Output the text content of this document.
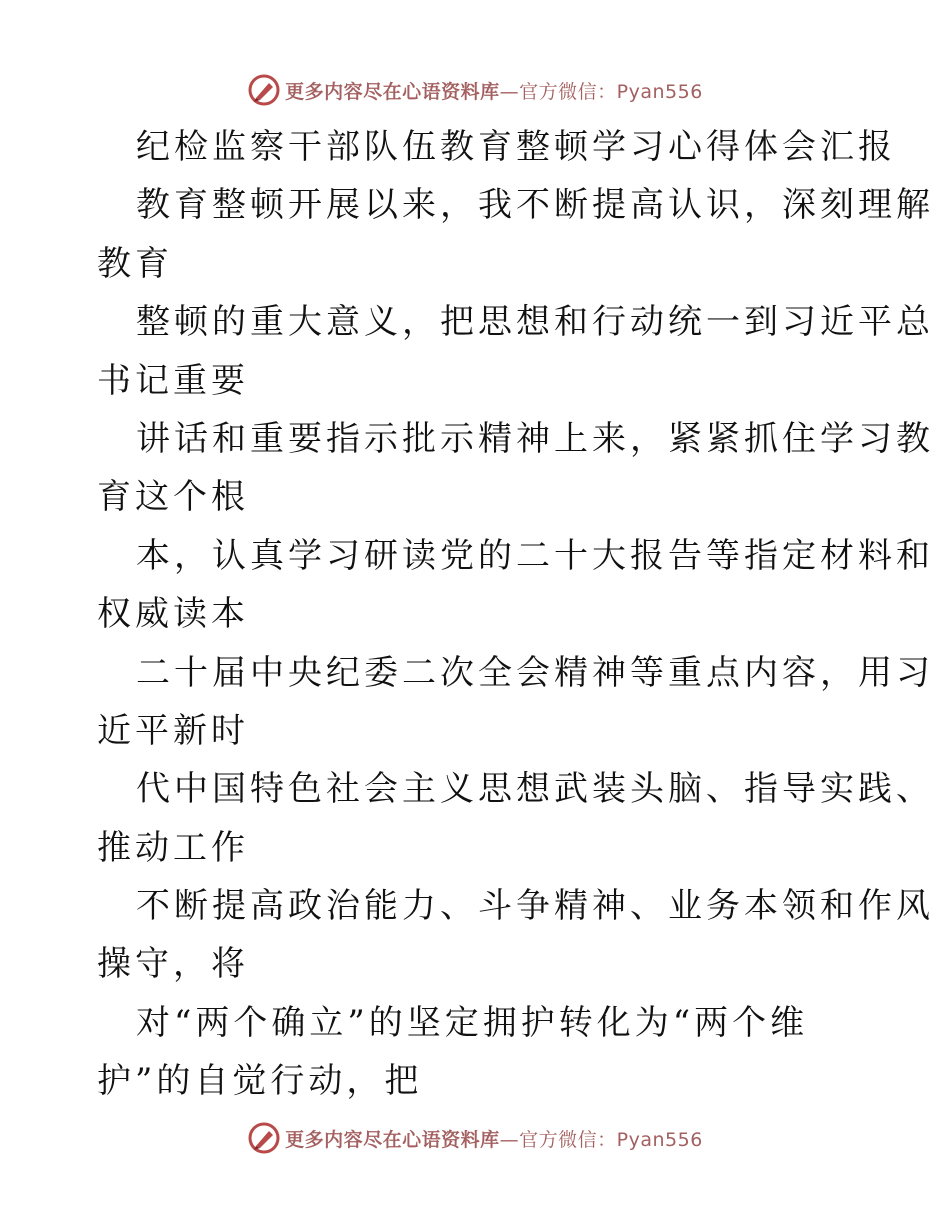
更多内容尽在心语资料库—官方微信：Pyan556
纪检监察干部队伍教育整顿学习心得体会汇报
教育整顿开展以来，我不断提高认识，深刻理解
教育
整顿的重大意义，把思想和行动统一到习近平总
书记重要
讲话和重要指示批示精神上来，紧紧抓住学习教
育这个根
本，认真学习研读党的二十大报告等指定材料和
权威读本
二十届中央纪委二次全会精神等重点内容，用习
近平新时
代中国特色社会主义思想武装头脑、指导实践、
推动工作
不断提高政治能力、斗争精神、业务本领和作风
操守，将
对“两个确立”的坚定拥护转化为“两个维
护”的自觉行动，把
更多内容尽在心语资料库—官方微信：Pyan556
